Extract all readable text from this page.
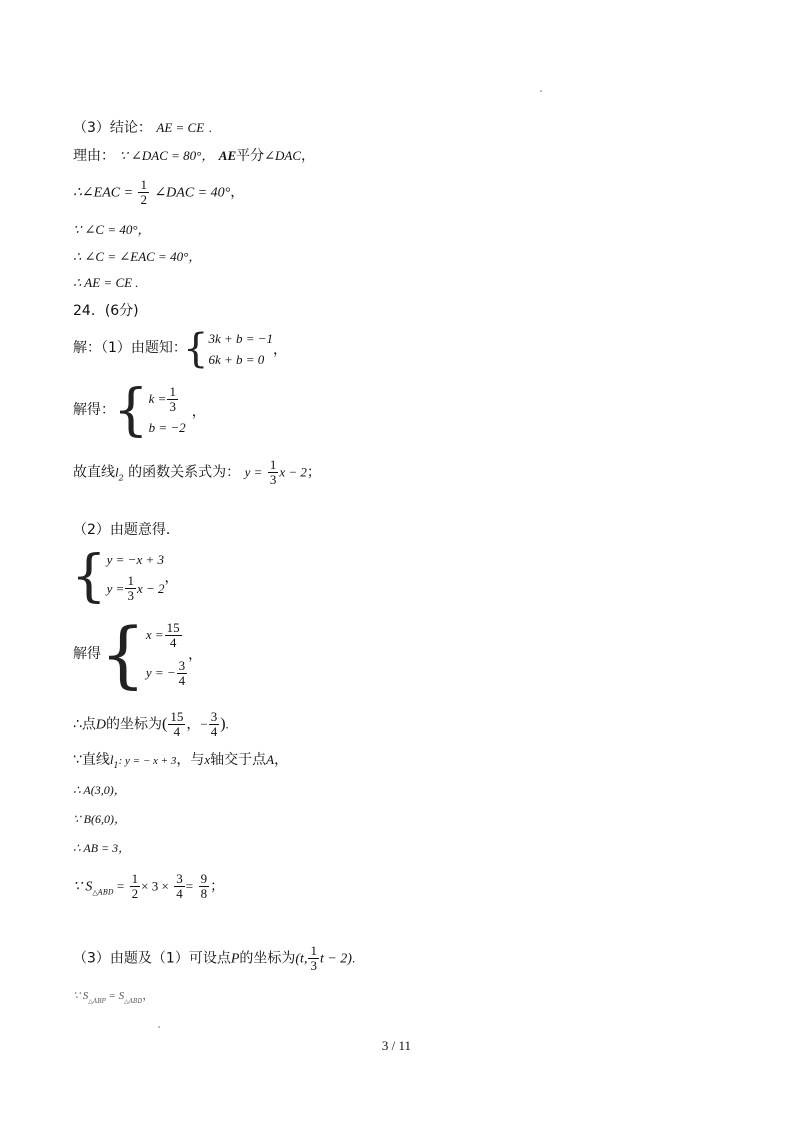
（3）结论： AE = CE .
理由： ∵ ∠DAC = 80°， AE平分∠DAC，
∴∠EAC = $\frac{1}{2}$ ∠DAC = 40°，
∵ ∠C = 40°，
∴ ∠C = ∠EAC = 40°，
∴ AE = CE .
24．(6分)
解：（1）由题知：
{ 3k + b = −1
6k + b = 0
，
解得：
{ $k = \frac{1}{3}$
b = −2
，
故直线$l_2$ 的函数关系式为： $y = \frac{1}{3}$ x − 2；
（2）由题意得．
{ y = −x + 3
$y = \frac{1}{3}$ x − 2
，
解得 { $x = \frac{15}{4}$
y = − $\frac{3}{4}$
，
∴点D的坐标为( $\frac{15}{4}$ ，− $\frac{3}{4}$ ).
∵直线$l_1$: y = − x + 3，与x轴交于点A，
∴ A(3,0)，
∵ B(6,0)，
∴ AB = 3，
∵ $S_{\triangle ABD} = \frac{1}{2} \times 3 \times \frac{3}{4} = \frac{9}{8}$ ；
（3）由题及（1）可设点P的坐标为(t, $\frac{1}{3}$ t − 2).
∵ $S_{\triangle ABP} = S_{\triangle ABD}$，
3 / 11
